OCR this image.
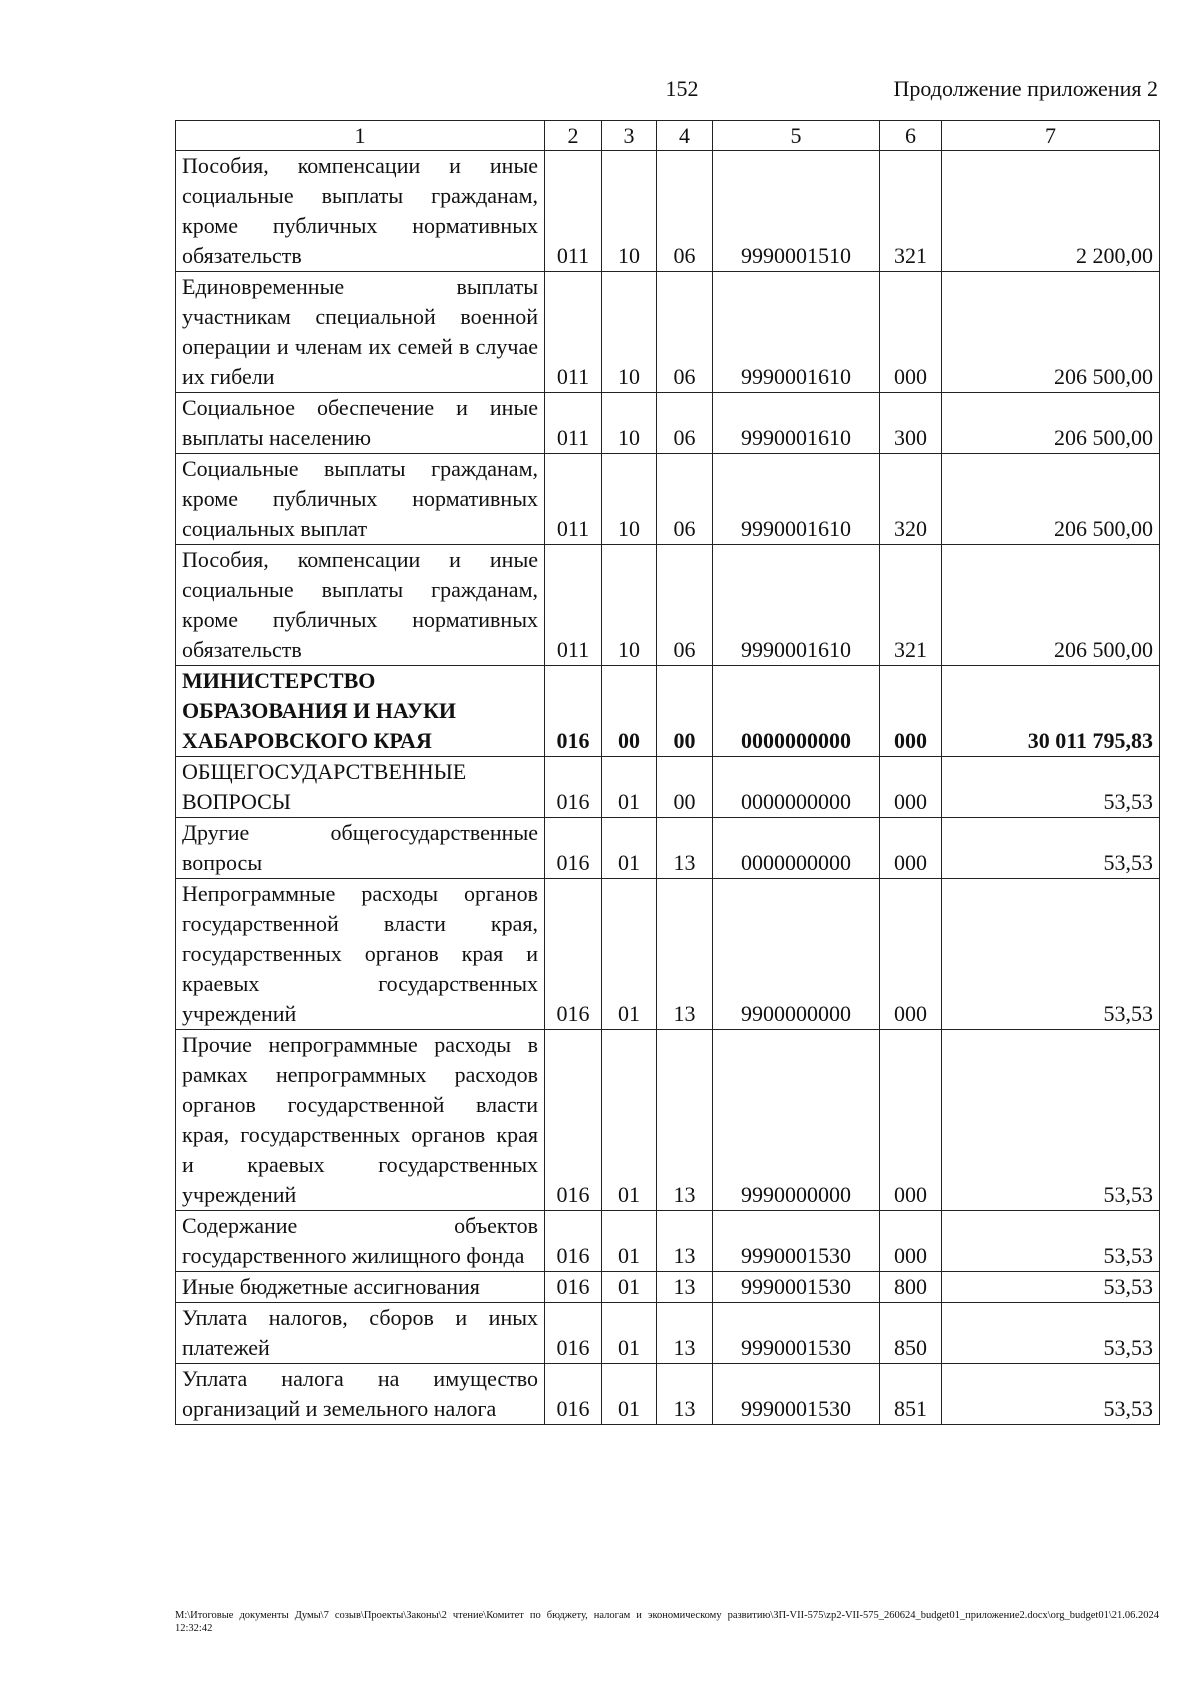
152	Продолжение приложения 2
1	2	3	4	5	6	7
Пособия, компенсации и иные социальные выплаты гражданам, кроме публичных нормативных обязательств	011	10	06	9990001510	321	2 200,00
Единовременные выплаты участникам специальной военной операции и членам их семей в случае их гибели	011	10	06	9990001610	000	206 500,00
Социальное обеспечение и иные выплаты населению	011	10	06	9990001610	300	206 500,00
Социальные выплаты гражданам, кроме публичных нормативных социальных выплат	011	10	06	9990001610	320	206 500,00
Пособия, компенсации и иные социальные выплаты гражданам, кроме публичных нормативных обязательств	011	10	06	9990001610	321	206 500,00
МИНИСТЕРСТВО ОБРАЗОВАНИЯ И НАУКИ ХАБАРОВСКОГО КРАЯ	016	00	00	0000000000	000	30 011 795,83
ОБЩЕГОСУДАРСТВЕННЫЕ ВОПРОСЫ	016	01	00	0000000000	000	53,53
Другие общегосударственные вопросы	016	01	13	0000000000	000	53,53
Непрограммные расходы органов государственной власти края, государственных органов края и краевых государственных учреждений	016	01	13	9900000000	000	53,53
Прочие непрограммные расходы в рамках непрограммных расходов органов государственной власти края, государственных органов края и краевых государственных учреждений	016	01	13	9990000000	000	53,53
Содержание объектов государственного жилищного фонда	016	01	13	9990001530	000	53,53
Иные бюджетные ассигнования	016	01	13	9990001530	800	53,53
Уплата налогов, сборов и иных платежей	016	01	13	9990001530	850	53,53
Уплата налога на имущество организаций и земельного налога	016	01	13	9990001530	851	53,53
M:\Итоговые документы Думы\7 созыв\Проекты\Законы\2 чтение\Комитет по бюджету, налогам и экономическому развитию\ЗП-VII-575\zp2-VII-575_260624_budget01_приложение2.docx\org_budget01\21.06.2024 12:32:42
